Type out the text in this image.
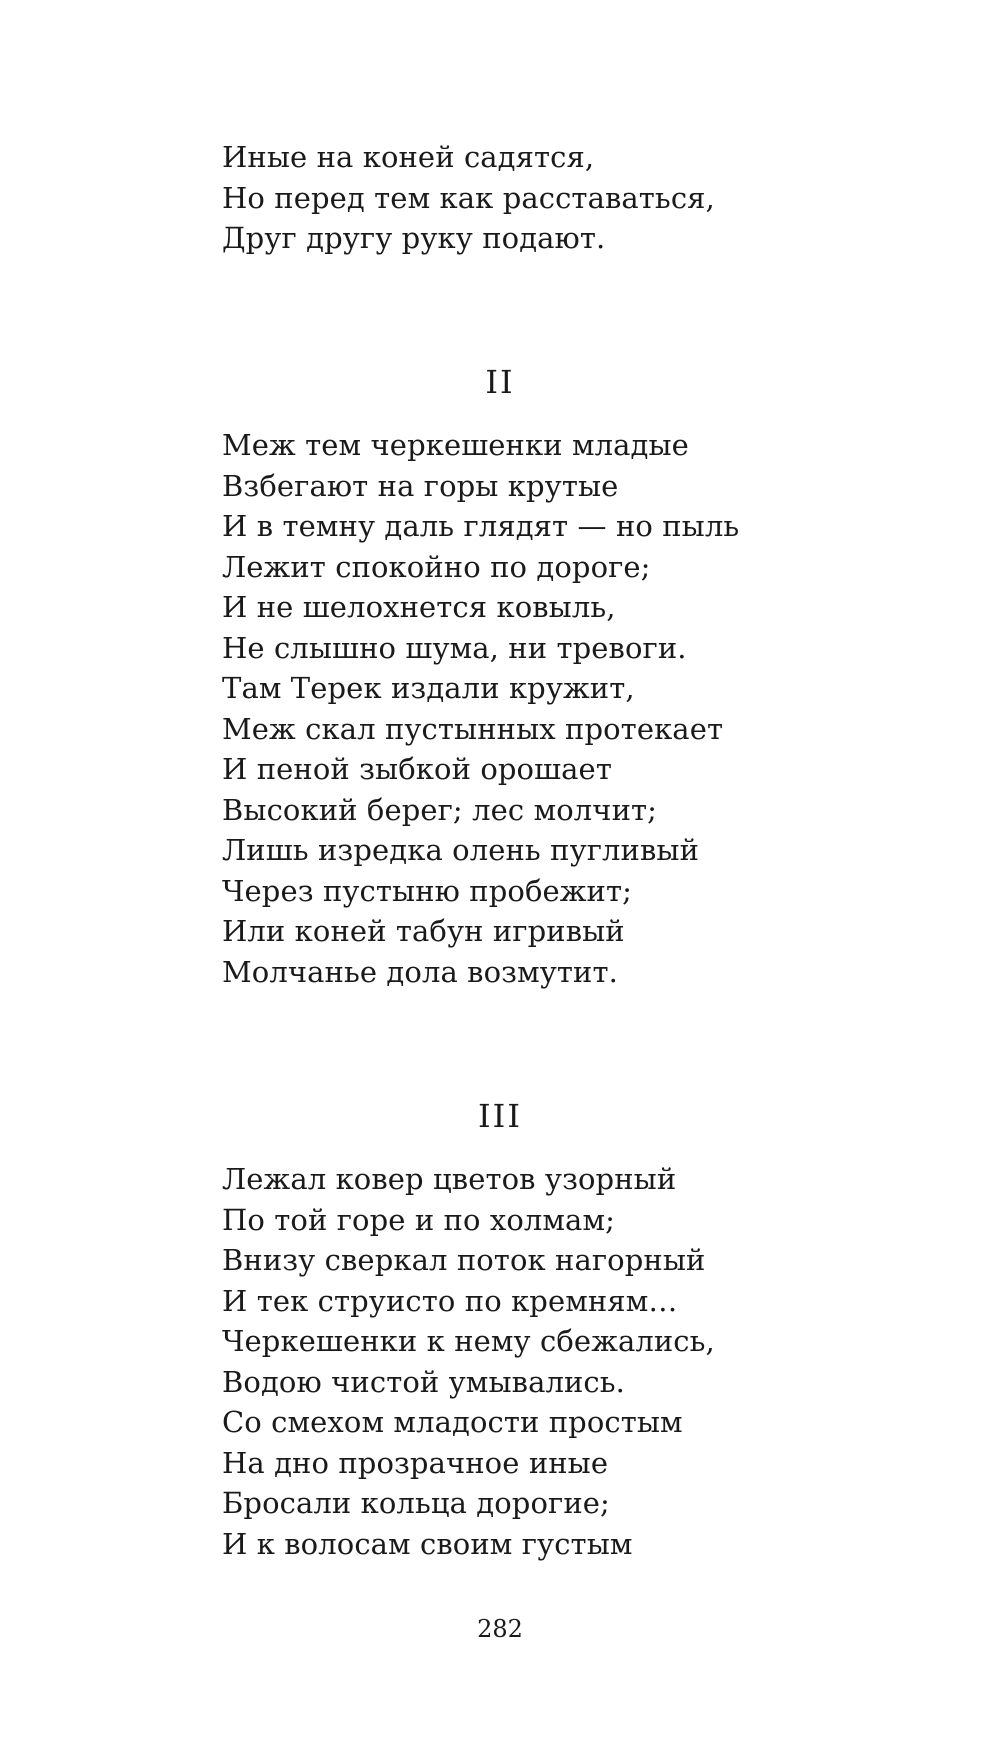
Иные на коней садятся,
Но перед тем как расставаться,
Друг другу руку подают.
II
Меж тем черкешенки младые
Взбегают на горы крутые
И в темну даль глядят — но пыль
Лежит спокойно по дороге;
И не шелохнется ковыль,
Не слышно шума, ни тревоги.
Там Терек издали кружит,
Меж скал пустынных протекает
И пеной зыбкой орошает
Высокий берег; лес молчит;
Лишь изредка олень пугливый
Через пустыню пробежит;
Или коней табун игривый
Молчанье дола возмутит.
III
Лежал ковер цветов узорный
По той горе и по холмам;
Внизу сверкал поток нагорный
И тек струисто по кремням…
Черкешенки к нему сбежались,
Водою чистой умывались.
Со смехом младости простым
На дно прозрачное иные
Бросали кольца дорогие;
И к волосам своим густым
282
